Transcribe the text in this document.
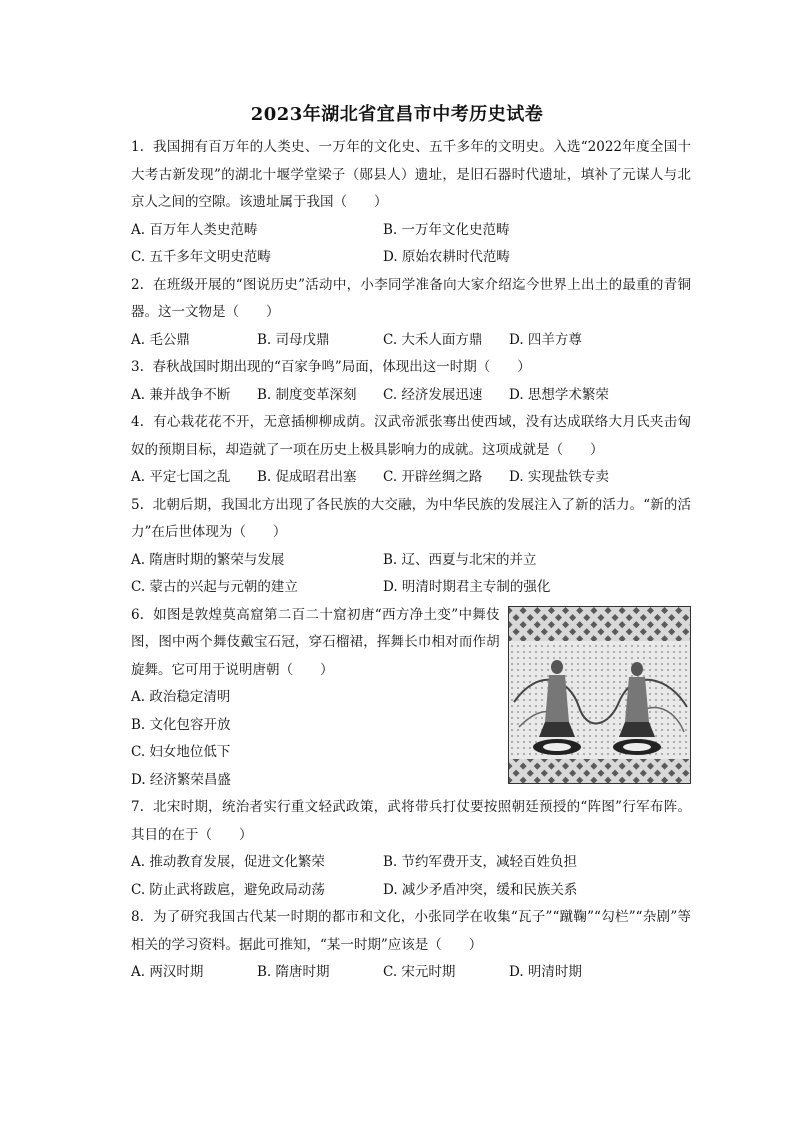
2023年湖北省宜昌市中考历史试卷
1.  我国拥有百万年的人类史、一万年的文化史、五千多年的文明史。入选“2022年度全国十大考古新发现”的湖北十堰学堂梁子（郧县人）遗址，是旧石器时代遗址，填补了元谋人与北京人之间的空隙。该遗址属于我国（　　）
A. 百万年人类史范畴	B. 一万年文化史范畴
C. 五千多年文明史范畴	D. 原始农耕时代范畴
2.  在班级开展的“图说历史”活动中，小李同学准备向大家介绍迄今世界上出土的最重的青铜器。这一文物是（　　）
A. 毛公鼎	B. 司母戊鼎	C. 大禾人面方鼎	D. 四羊方尊
3.  春秋战国时期出现的“百家争鸣”局面，体现出这一时期（　　）
A. 兼并战争不断	B. 制度变革深刻	C. 经济发展迅速	D. 思想学术繁荣
4.  有心栽花花不开，无意插柳柳成荫。汉武帝派张骞出使西域，没有达成联络大月氏夹击匈奴的预期目标，却造就了一项在历史上极具影响力的成就。这项成就是（　　）
A. 平定七国之乱	B. 促成昭君出塞	C. 开辟丝绸之路	D. 实现盐铁专卖
5.  北朝后期，我国北方出现了各民族的大交融，为中华民族的发展注入了新的活力。“新的活力”在后世体现为（　　）
A. 隋唐时期的繁荣与发展	B. 辽、西夏与北宋的并立
C. 蒙古的兴起与元朝的建立	D. 明清时期君主专制的强化
6.  如图是敦煌莫高窟第二百二十窟初唐“西方净土变”中舞伎图，图中两个舞伎戴宝石冠，穿石榴裙，挥舞长巾相对而作胡旋舞。它可用于说明唐朝（　　）
A. 政治稳定清明
B. 文化包容开放
C. 妇女地位低下
D. 经济繁荣昌盛
7.  北宋时期，统治者实行重文轻武政策，武将带兵打仗要按照朝廷预授的“阵图”行军布阵。其目的在于（　　）
A. 推动教育发展，促进文化繁荣	B. 节约军费开支，减轻百姓负担
C. 防止武将跋扈，避免政局动荡	D. 减少矛盾冲突，缓和民族关系
8.  为了研究我国古代某一时期的都市和文化，小张同学在收集“瓦子”“蹴鞠”“勾栏”“杂剧”等相关的学习资料。据此可推知，“某一时期”应该是（　　）
A. 两汉时期	B. 隋唐时期	C. 宋元时期	D. 明清时期
